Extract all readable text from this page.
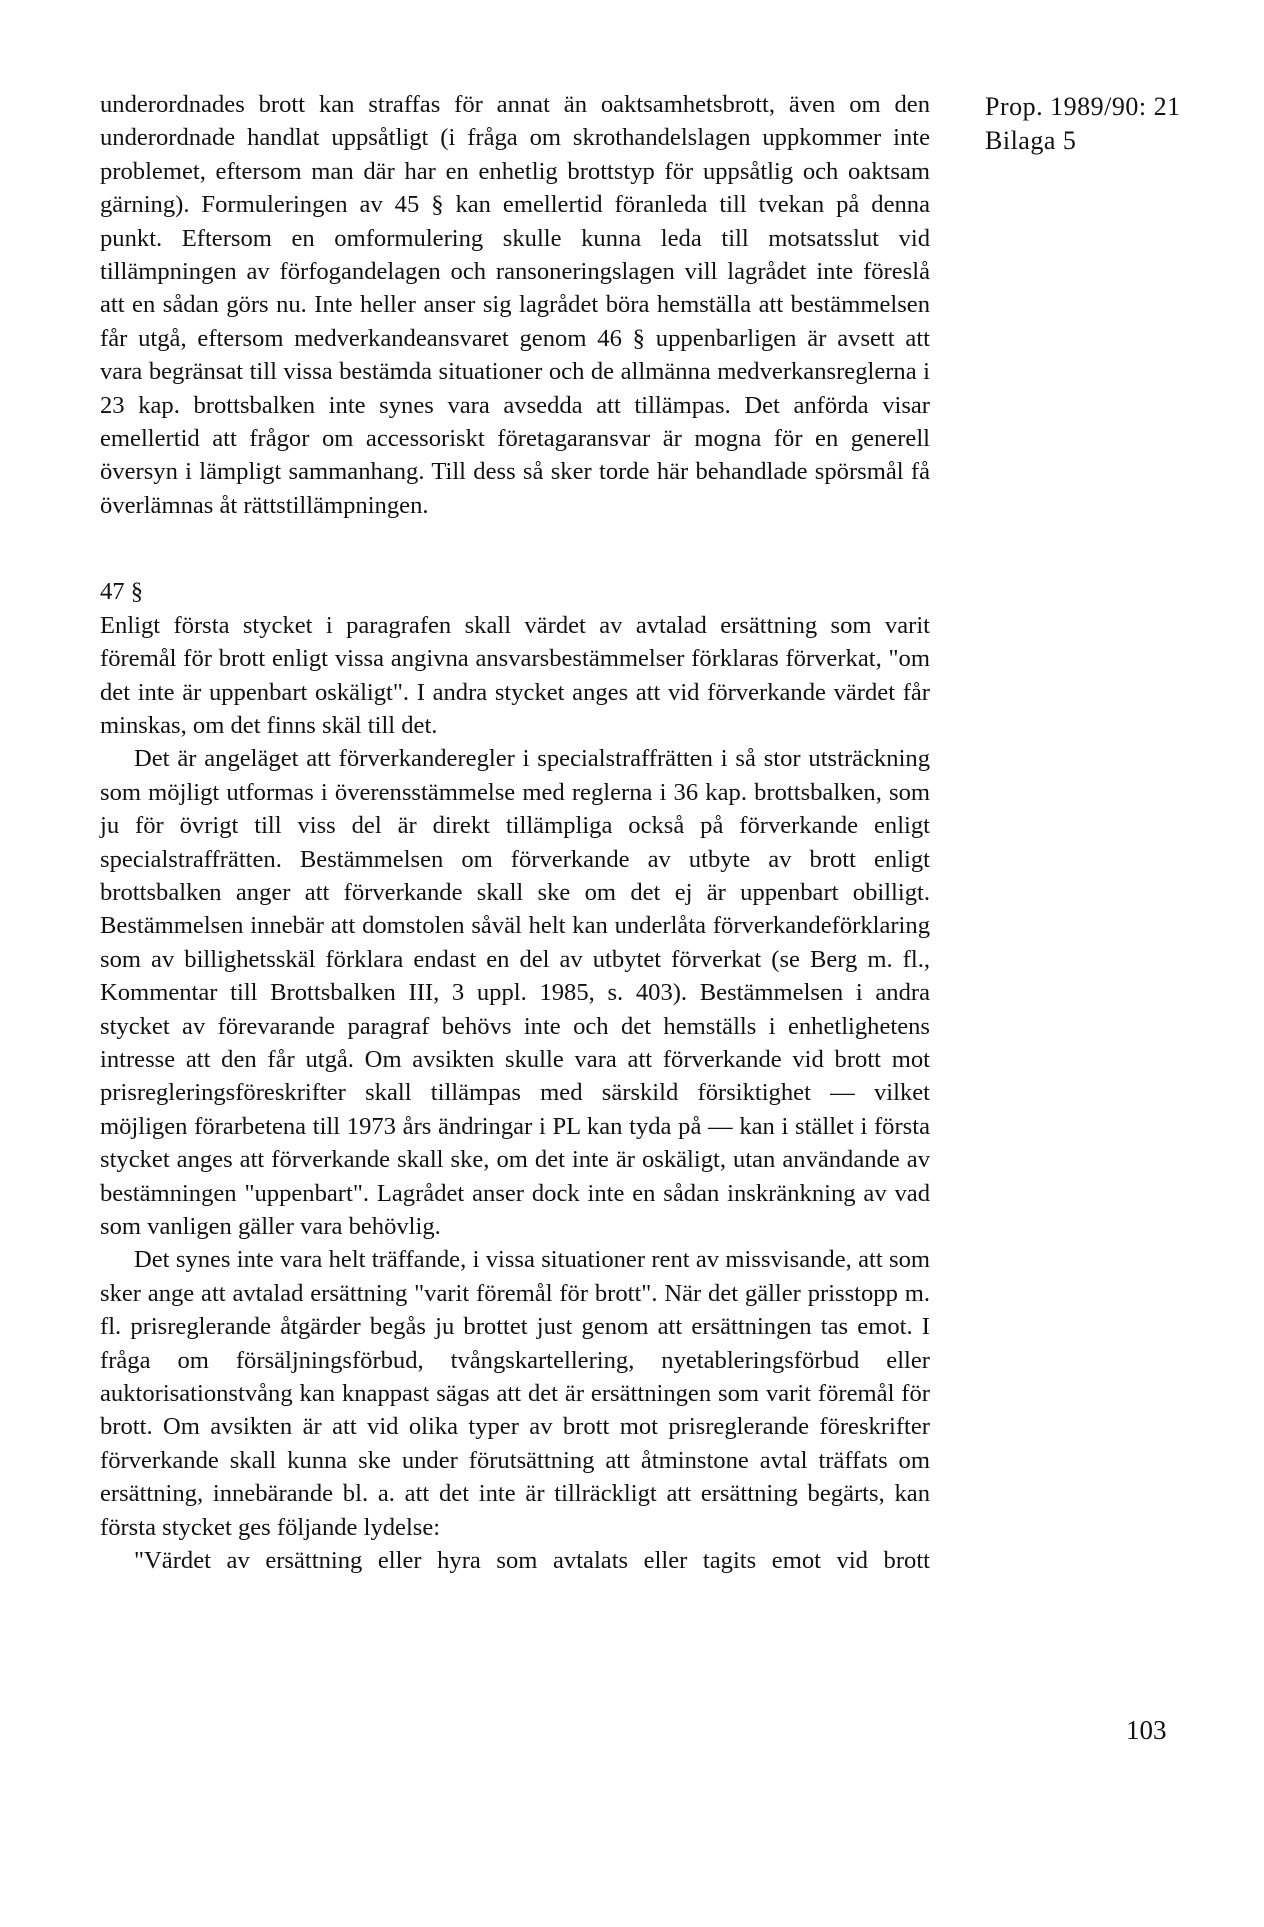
Prop. 1989/90: 21
Bilaga 5

underordnades brott kan straffas för annat än oaktsamhetsbrott, även om den underordnade handlat uppsåtligt (i fråga om skrothandelslagen uppkommer inte problemet, eftersom man där har en enhetlig brottstyp för uppsåtlig och oaktsam gärning). Formuleringen av 45 § kan emellertid föranleda till tvekan på denna punkt. Eftersom en omformulering skulle kunna leda till motsatsslut vid tillämpningen av förfogandelagen och ransoneringslagen vill lagrådet inte föreslå att en sådan görs nu. Inte heller anser sig lagrådet böra hemställa att bestämmelsen får utgå, eftersom medverkandeansvaret genom 46 § uppenbarligen är avsett att vara begränsat till vissa bestämda situationer och de allmänna medverkansreglerna i 23 kap. brottsbalken inte synes vara avsedda att tillämpas. Det anförda visar emellertid att frågor om accessoriskt företagaransvar är mogna för en generell översyn i lämpligt sammanhang. Till dess så sker torde här behandlade spörsmål få överlämnas åt rättstillämpningen.

47 §

Enligt första stycket i paragrafen skall värdet av avtalad ersättning som varit föremål för brott enligt vissa angivna ansvarsbestämmelser förklaras förverkat, "om det inte är uppenbart oskäligt". I andra stycket anges att vid förverkande värdet får minskas, om det finns skäl till det.

Det är angeläget att förverkanderegler i specialstraffrätten i så stor utsträckning som möjligt utformas i överensstämmelse med reglerna i 36 kap. brottsbalken, som ju för övrigt till viss del är direkt tillämpliga också på förverkande enligt specialstraffrätten. Bestämmelsen om förverkande av utbyte av brott enligt brottsbalken anger att förverkande skall ske om det ej är uppenbart obilligt. Bestämmelsen innebär att domstolen såväl helt kan underlåta förverkandeförklaring som av billighetsskäl förklara endast en del av utbytet förverkat (se Berg m. fl., Kommentar till Brottsbalken III, 3 uppl. 1985, s. 403). Bestämmelsen i andra stycket av förevarande paragraf behövs inte och det hemställs i enhetlighetens intresse att den får utgå. Om avsikten skulle vara att förverkande vid brott mot prisregleringsföreskrifter skall tillämpas med särskild försiktighet — vilket möjligen förarbetena till 1973 års ändringar i PL kan tyda på — kan i stället i första stycket anges att förverkande skall ske, om det inte är oskäligt, utan användande av bestämningen "uppenbart". Lagrådet anser dock inte en sådan inskränkning av vad som vanligen gäller vara behövlig.

Det synes inte vara helt träffande, i vissa situationer rent av missvisande, att som sker ange att avtalad ersättning "varit föremål för brott". När det gäller prisstopp m. fl. prisreglerande åtgärder begås ju brottet just genom att ersättningen tas emot. I fråga om försäljningsförbud, tvångskartellering, nyetableringsförbud eller auktorisationstvång kan knappast sägas att det är ersättningen som varit föremål för brott. Om avsikten är att vid olika typer av brott mot prisreglerande föreskrifter förverkande skall kunna ske under förutsättning att åtminstone avtal träffats om ersättning, innebärande bl. a. att det inte är tillräckligt att ersättning begärts, kan första stycket ges följande lydelse:

"Värdet av ersättning eller hyra som avtalats eller tagits emot vid brott

103
